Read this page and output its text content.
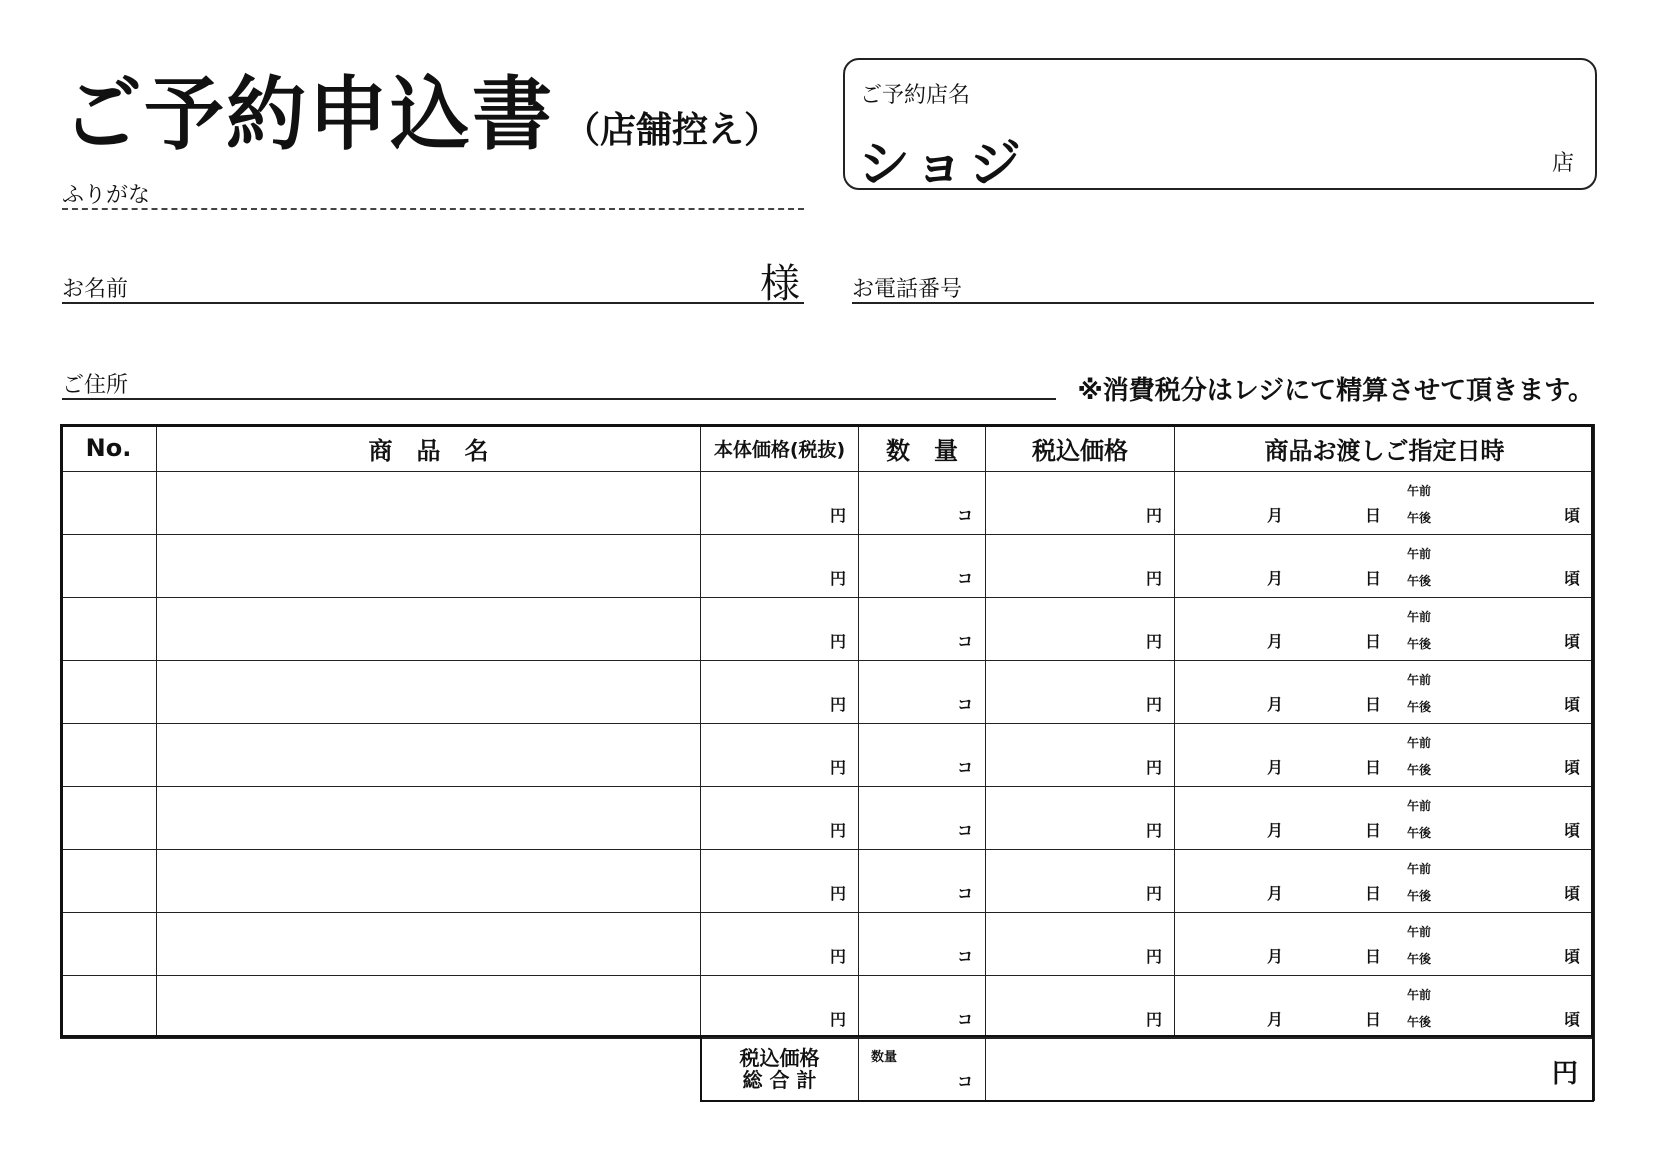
ご予約申込書 （店舗控え）
ふりがな
お名前	様
ご予約店名
ショジ	店
お電話番号
ご住所	※消費税分はレジにて精算させて頂きます。
No.	商　品　名	本体価格(税抜)	数　量	税込価格	商品お渡しご指定日時

		円	コ	円	月 日
午前
午後 頃

		円	コ	円	月 日
午前
午後 頃

		円	コ	円	月 日
午前
午後 頃

		円	コ	円	月 日
午前
午後 頃

		円	コ	円	月 日
午前
午後 頃

		円	コ	円	月 日
午前
午後 頃

		円	コ	円	月 日
午前
午後 頃

		円	コ	円	月 日
午前
午後 頃

		円	コ	円	月 日
午前
午後 頃
税込価格
総 合 計

数量
コ	円
